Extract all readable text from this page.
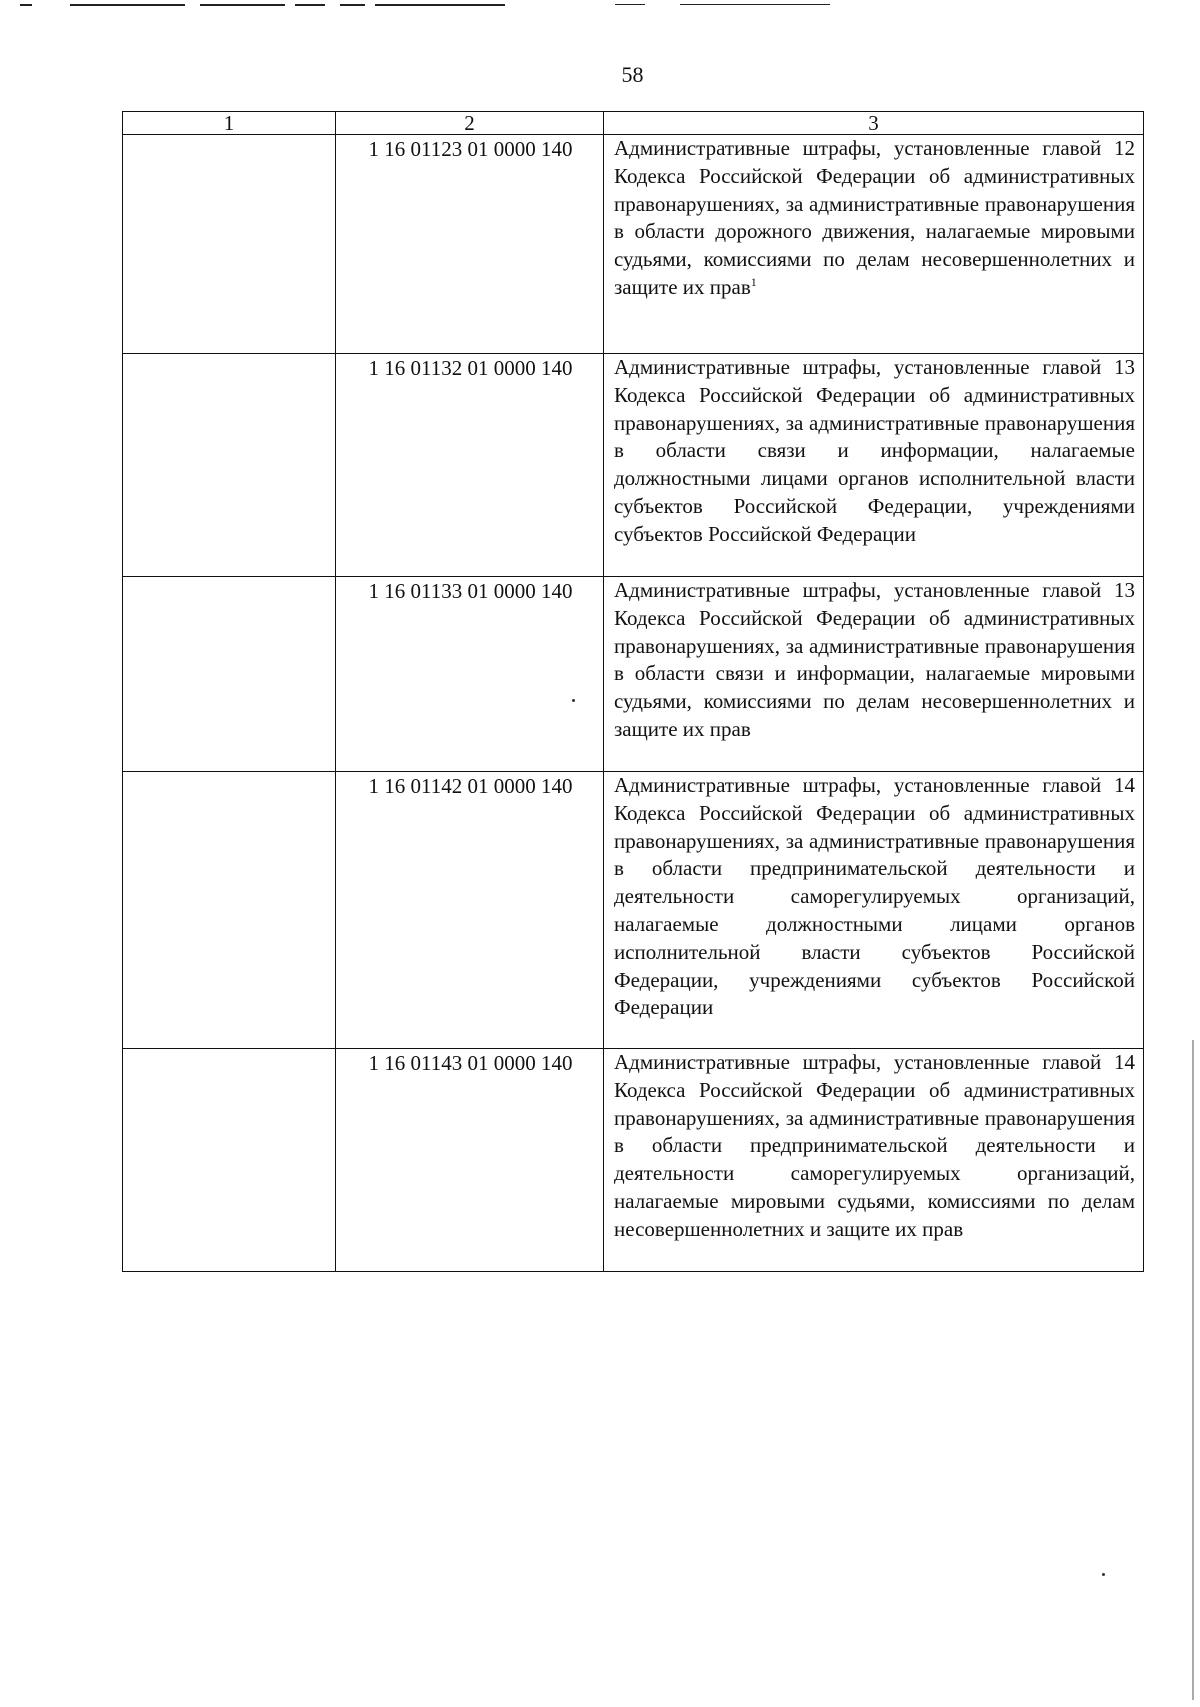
58
1	2	3
	1 16 01123 01 0000 140	Административные штрафы, установленные главой 12 Кодекса Российской Федерации об административных правонарушениях, за административные правонарушения в области дорожного движения, налагаемые мировыми судьями, комиссиями по делам несовершеннолетних и защите их прав$^1$
	1 16 01132 01 0000 140	Административные штрафы, установленные главой 13 Кодекса Российской Федерации об административных правонарушениях, за административные правонарушения в области связи и информации, налагаемые должностными лицами органов исполнительной власти субъектов Российской Федерации, учреждениями субъектов Российской Федерации
	1 16 01133 01 0000 140	Административные штрафы, установленные главой 13 Кодекса Российской Федерации об административных правонарушениях, за административные правонарушения в области связи и информации, налагаемые мировыми судьями, комиссиями по делам несовершеннолетних и защите их прав
	1 16 01142 01 0000 140	Административные штрафы, установленные главой 14 Кодекса Российской Федерации об административных правонарушениях, за административные правонарушения в области предпринимательской деятельности и деятельности саморегулируемых организаций, налагаемые должностными лицами органов исполнительной власти субъектов Российской Федерации, учреждениями субъектов Российской Федерации
	1 16 01143 01 0000 140	Административные штрафы, установленные главой 14 Кодекса Российской Федерации об административных правонарушениях, за административные правонарушения в области предпринимательской деятельности и деятельности саморегулируемых организаций, налагаемые мировыми судьями, комиссиями по делам несовершеннолетних и защите их прав
